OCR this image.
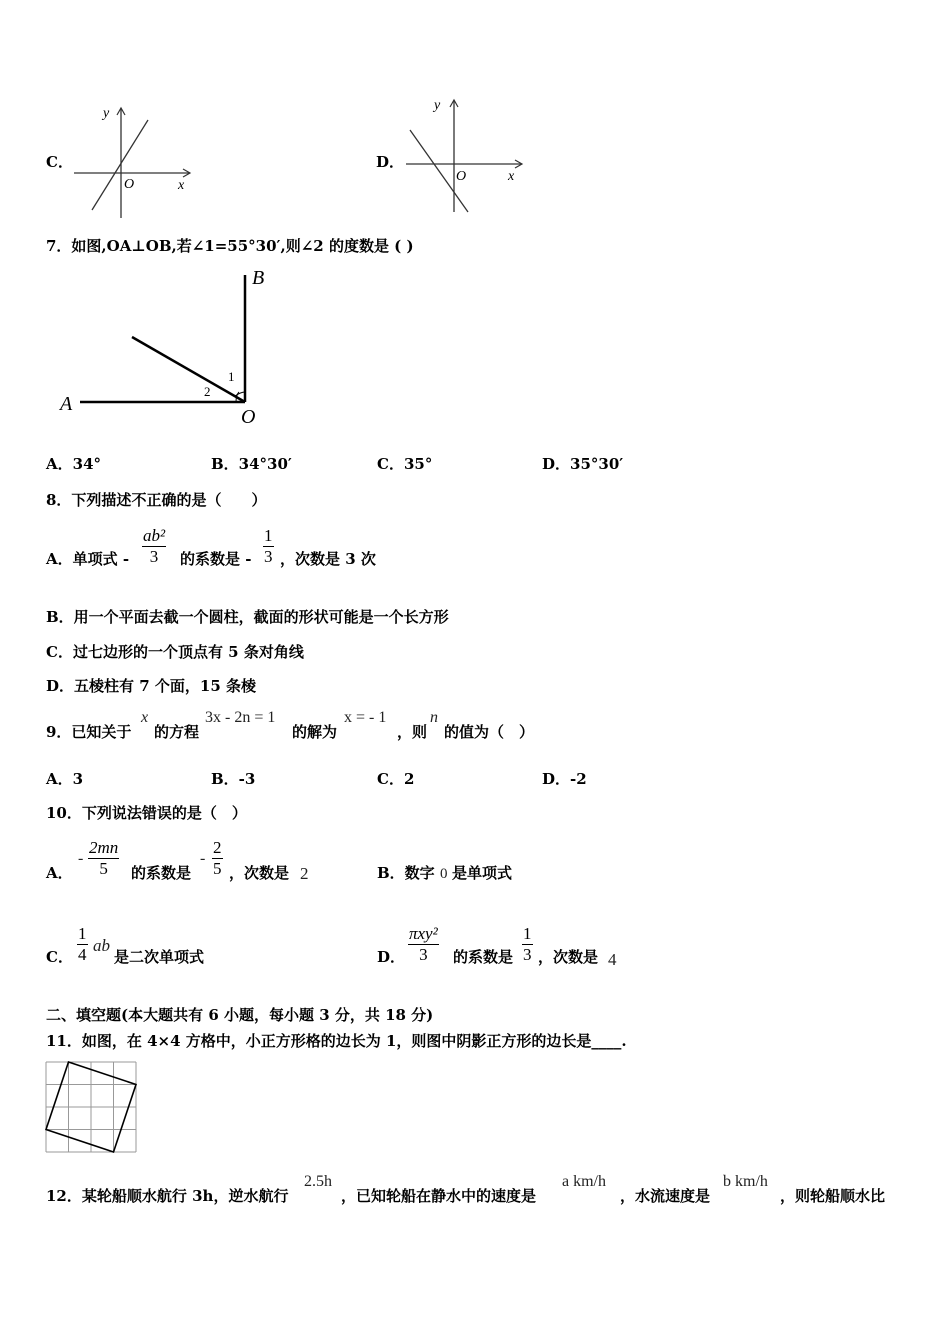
C．
y
O	x
D．
y
O	x
7．如图,OA⊥OB,若∠1=55°30′,则∠2 的度数是 ( )
B
A
O
1
2
A．34°	B．34°30′	C．35°	D．35°30′
8．下列描述不正确的是（　　）
A．单项式 - $\frac{\text{ab²}}{3}$ 的系数是 - $\frac{1}{3}$ ，次数是 3 次
B．用一个平面去截一个圆柱，截面的形状可能是一个长方形
C．过七边形的一个顶点有 5 条对角线
D．五棱柱有 7 个面，15 条棱
9．已知关于
x
的方程
3x - 2n = 1
的解为
x = - 1
，则
n
的值为（　）
A．3	B．-3	C．2	D．-2
10．下列说法错误的是（　）
A．
- $\frac{2mn}{5}$ 的系数是
- $\frac{2}{5}$ ，次数是 2	B．数字 0 是单项式
C． $\frac{1}{4}$ ab
是二次单项式	D．
πxy²
3	的系数是 $\frac{1}{3}$ ，次数是 4
二、填空题(本大题共有 6 小题，每小题 3 分，共 18 分)
11．如图，在 4×4 方格中，小正方形格的边长为 1，则图中阴影正方形的边长是____.
12．某轮船顺水航行 3h，逆水航行
2.5h
，已知轮船在静水中的速度是
a km/h
，水流速度是
b km/h
，则轮船顺水比
